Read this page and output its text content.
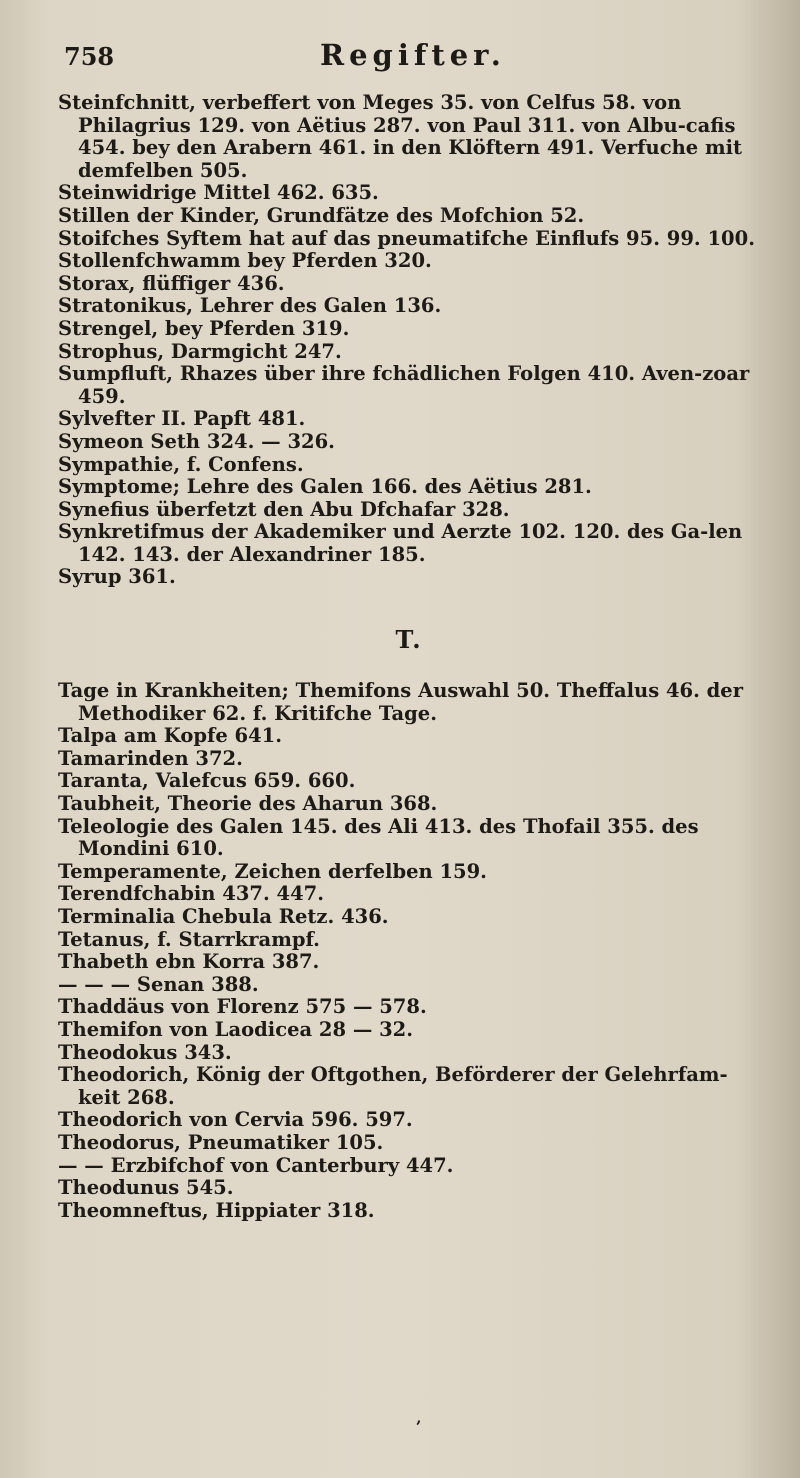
758	Regifter.

Steinfchnitt, verbeffert von Meges 35. von Celfus 58. von Philagrius 129. von Aëtius 287. von Paul 311. von Albu-cafis 454. bey den Arabern 461. in den Klöftern 491. Verfuche mit demfelben 505.

Steinwidrige Mittel 462. 635.

Stillen der Kinder, Grundfätze des Mofchion 52.

Stoifches Syftem hat auf das pneumatifche Einflufs 95. 99. 100.

Stollenfchwamm bey Pferden 320.

Storax, flüffiger 436.

Stratonikus, Lehrer des Galen 136.

Strengel, bey Pferden 319.

Strophus, Darmgicht 247.

Sumpfluft, Rhazes über ihre fchädlichen Folgen 410. Aven-zoar 459.

Sylvefter II. Papft 481.

Symeon Seth 324. — 326.

Sympathie, f. Confens.

Symptome; Lehre des Galen 166. des Aëtius 281.

Synefius überfetzt den Abu Dfchafar 328.

Synkretifmus der Akademiker und Aerzte 102. 120. des Ga-len 142. 143. der Alexandriner 185.

Syrup 361.

T.

Tage in Krankheiten; Themifons Auswahl 50. Theffalus 46. der Methodiker 62. f. Kritifche Tage.

Talpa am Kopfe 641.

Tamarinden 372.

Taranta, Valefcus 659. 660.

Taubheit, Theorie des Aharun 368.

Teleologie des Galen 145. des Ali 413. des Thofail 355. des Mondini 610.

Temperamente, Zeichen derfelben 159.

Terendfchabin 437. 447.

Terminalia Chebula Retz. 436.

Tetanus, f. Starrkrampf.

Thabeth ebn Korra 387.

— — — Senan 388.

Thaddäus von Florenz 575 — 578.

Themifon von Laodicea 28 — 32.

Theodokus 343.

Theodorich, König der Oftgothen, Beförderer der Gelehrfam-keit 268.

Theodorich von Cervia 596. 597.

Theodorus, Pneumatiker 105.

— — Erzbifchof von Canterbury 447.

Theodunus 545.

Theomneftus, Hippiater 318.

‚
